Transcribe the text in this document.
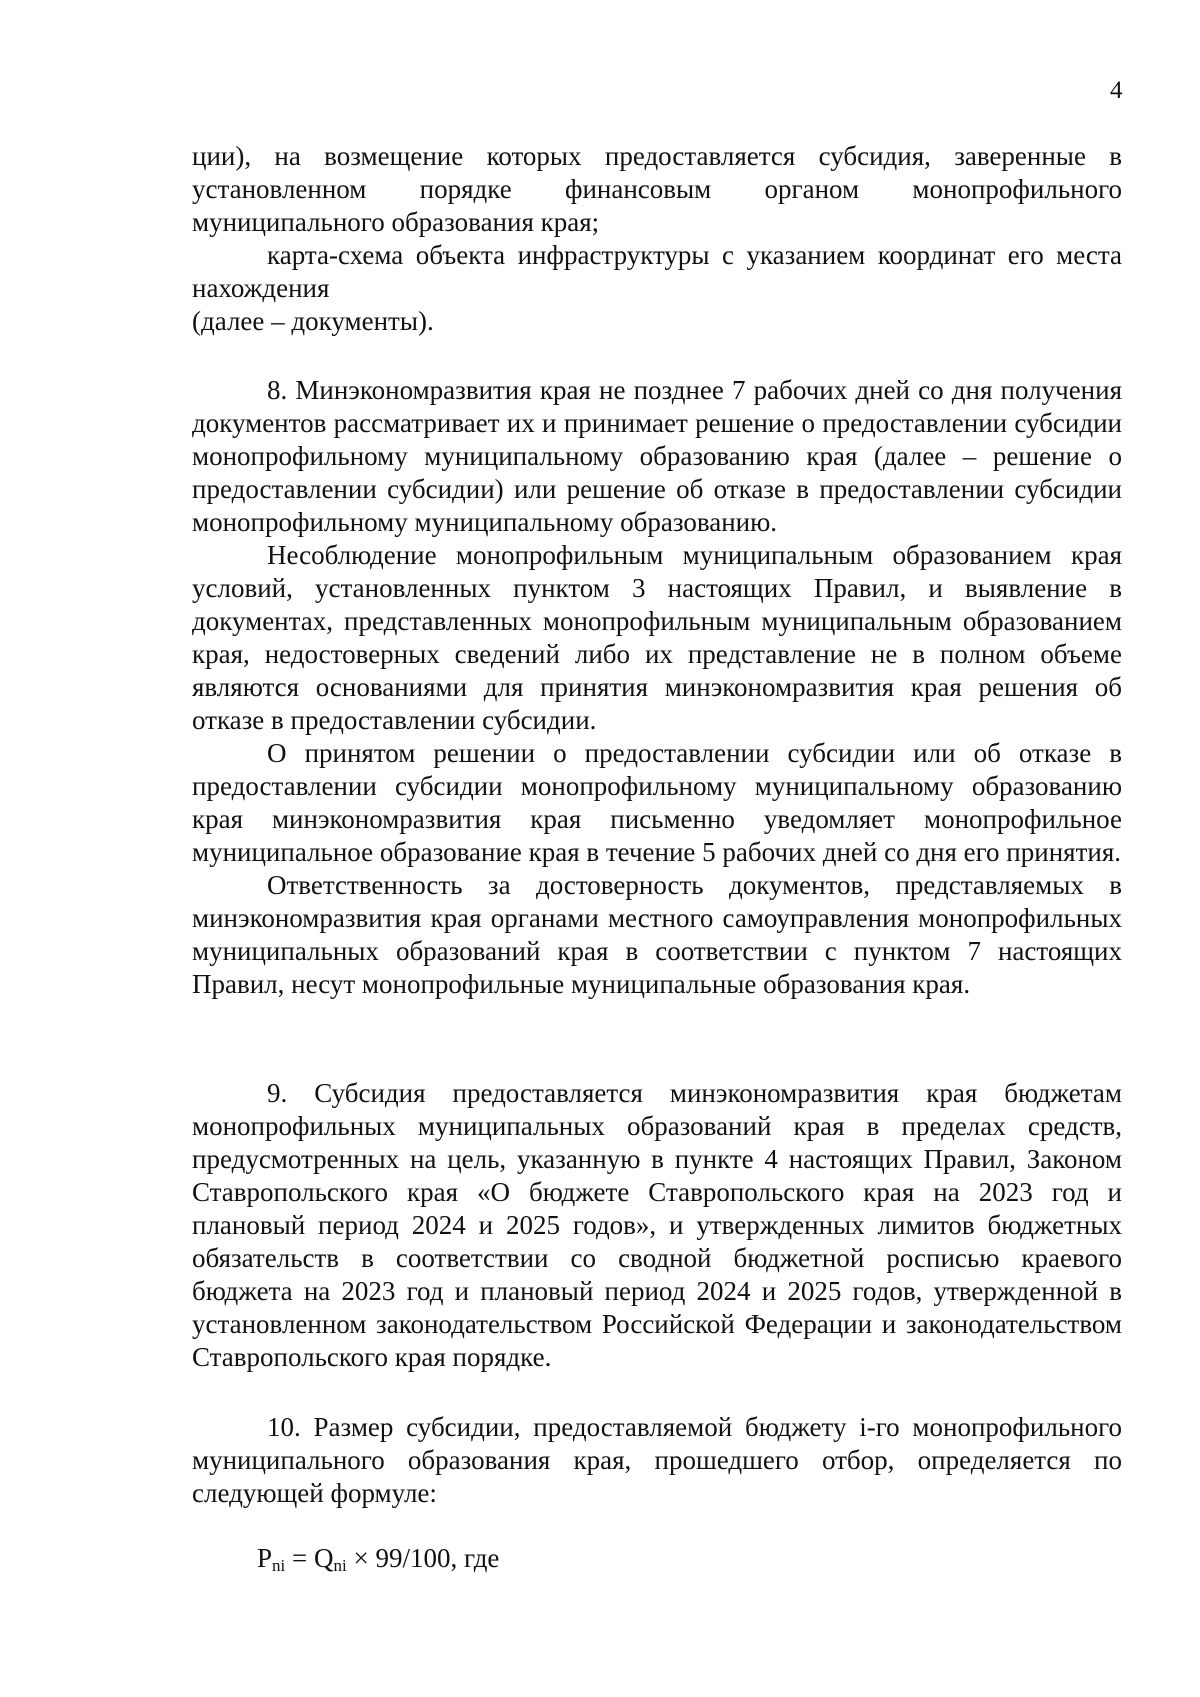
4

ции), на возмещение которых предоставляется субсидия, заверенные в установленном порядке финансовым органом монопрофильного муниципального образования края;

карта-схема объекта инфраструктуры с указанием координат его места нахождения

(далее – документы).

8. Минэкономразвития края не позднее 7 рабочих дней со дня получения документов рассматривает их и принимает решение о предоставлении субсидии монопрофильному муниципальному образованию края (далее – решение о предоставлении субсидии) или решение об отказе в предоставлении субсидии монопрофильному муниципальному образованию.

Несоблюдение монопрофильным муниципальным образованием края условий, установленных пунктом 3 настоящих Правил, и выявление в документах, представленных монопрофильным муниципальным образованием края, недостоверных сведений либо их представление не в полном объеме являются основаниями для принятия минэкономразвития края решения об отказе в предоставлении субсидии.

О принятом решении о предоставлении субсидии или об отказе в предоставлении субсидии монопрофильному муниципальному образованию края минэкономразвития края письменно уведомляет монопрофильное муниципальное образование края в течение 5 рабочих дней со дня его принятия.

Ответственность за достоверность документов, представляемых в минэкономразвития края органами местного самоуправления монопрофильных муниципальных образований края в соответствии с пунктом 7 настоящих Правил, несут монопрофильные муниципальные образования края.

9. Субсидия предоставляется минэкономразвития края бюджетам монопрофильных муниципальных образований края в пределах средств, предусмотренных на цель, указанную в пункте 4 настоящих Правил, Законом Ставропольского края «О бюджете Ставропольского края на 2023 год и плановый период 2024 и 2025 годов», и утвержденных лимитов бюджетных обязательств в соответствии со сводной бюджетной росписью краевого бюджета на 2023 год и плановый период 2024 и 2025 годов, утвержденной в установленном законодательством Российской Федерации и законодательством Ставропольского края порядке.

10. Размер субсидии, предоставляемой бюджету i-го монопрофильного муниципального образования края, прошедшего отбор, определяется по следующей формуле:

$P_{ni} = Q_{ni} \times 99/100$, где
